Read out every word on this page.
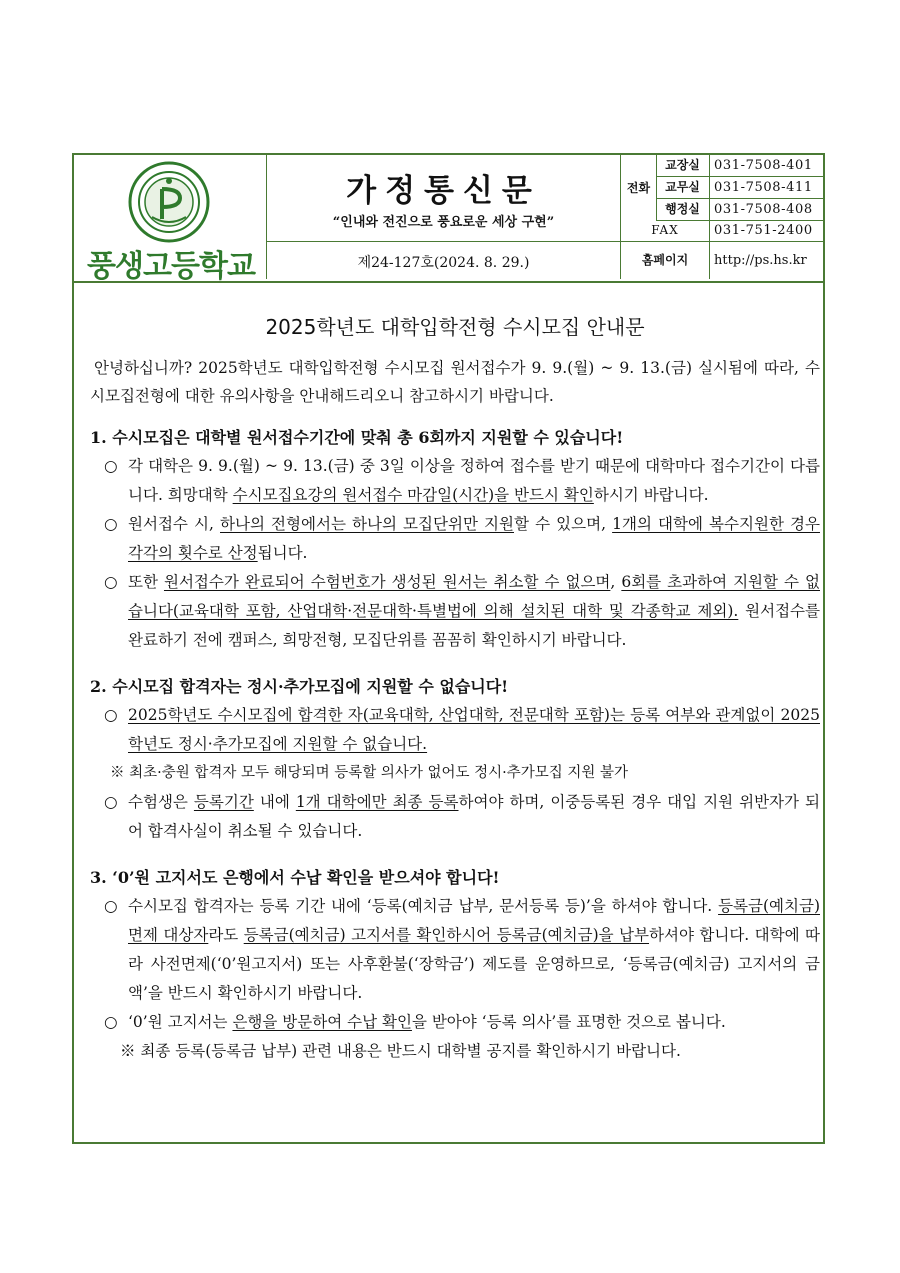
풍생고등학교
가정통신문
“인내와 전진으로 풍요로운 세상 구현”
제24-127호(2024. 8. 29.)
전화
교장실	031-7508-401
교무실	031-7508-411
행정실	031-7508-408
FAX	031-751-2400
홈페이지	http://ps.hs.kr
2025학년도 대학입학전형 수시모집 안내문
안녕하십니까? 2025학년도 대학입학전형 수시모집 원서접수가 9. 9.(월) ~ 9. 13.(금) 실시됨에 따라, 수시모집전형에 대한 유의사항을 안내해드리오니 참고하시기 바랍니다.
1. 수시모집은 대학별 원서접수기간에 맞춰 총 6회까지 지원할 수 있습니다!
○ 각 대학은 9. 9.(월) ~ 9. 13.(금) 중 3일 이상을 정하여 접수를 받기 때문에 대학마다 접수기간이 다릅니다. 희망대학 수시모집요강의 원서접수 마감일(시간)을 반드시 확인하시기 바랍니다.
○ 원서접수 시, 하나의 전형에서는 하나의 모집단위만 지원할 수 있으며, 1개의 대학에 복수지원한 경우 각각의 횟수로 산정됩니다.
○ 또한 원서접수가 완료되어 수험번호가 생성된 원서는 취소할 수 없으며, 6회를 초과하여 지원할 수 없습니다(교육대학 포함, 산업대학·전문대학·특별법에 의해 설치된 대학 및 각종학교 제외). 원서접수를 완료하기 전에 캠퍼스, 희망전형, 모집단위를 꼼꼼히 확인하시기 바랍니다.
2. 수시모집 합격자는 정시·추가모집에 지원할 수 없습니다!
○ 2025학년도 수시모집에 합격한 자(교육대학, 산업대학, 전문대학 포함)는 등록 여부와 관계없이 2025학년도 정시·추가모집에 지원할 수 없습니다.
※ 최초·충원 합격자 모두 해당되며 등록할 의사가 없어도 정시·추가모집 지원 불가
○ 수험생은 등록기간 내에 1개 대학에만 최종 등록하여야 하며, 이중등록된 경우 대입 지원 위반자가 되어 합격사실이 취소될 수 있습니다.
3. ‘0’원 고지서도 은행에서 수납 확인을 받으셔야 합니다!
○ 수시모집 합격자는 등록 기간 내에 ‘등록(예치금 납부, 문서등록 등)’을 하셔야 합니다. 등록금(예치금) 면제 대상자라도 등록금(예치금) 고지서를 확인하시어 등록금(예치금)을 납부하셔야 합니다. 대학에 따라 사전면제(‘0’원고지서) 또는 사후환불(‘장학금’) 제도를 운영하므로, ‘등록금(예치금) 고지서의 금액’을 반드시 확인하시기 바랍니다.
○ ‘0’원 고지서는 은행을 방문하여 수납 확인을 받아야 ‘등록 의사’를 표명한 것으로 봅니다.
※ 최종 등록(등록금 납부) 관련 내용은 반드시 대학별 공지를 확인하시기 바랍니다.
